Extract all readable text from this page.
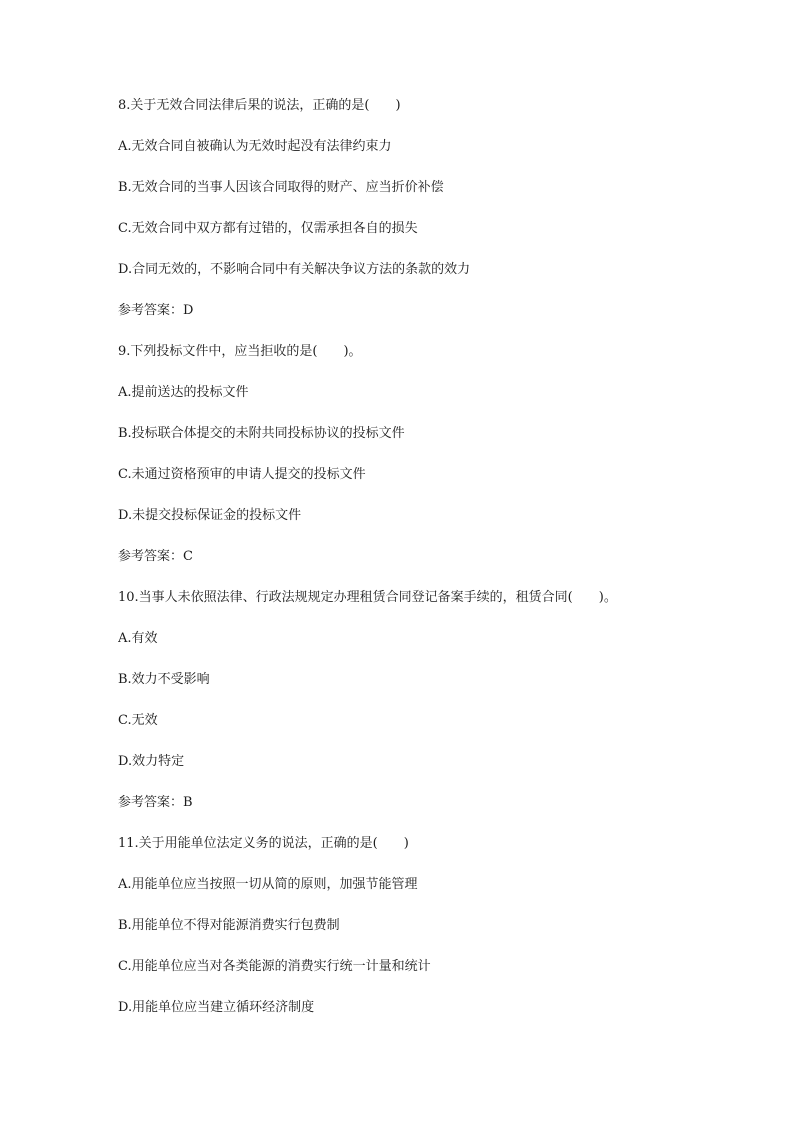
8.关于无效合同法律后果的说法，正确的是(　　)
A.无效合同自被确认为无效时起没有法律约束力
B.无效合同的当事人因该合同取得的财产、应当折价补偿
C.无效合同中双方都有过错的，仅需承担各自的损失
D.合同无效的，不影响合同中有关解决争议方法的条款的效力
参考答案：D
9.下列投标文件中，应当拒收的是(　　)。
A.提前送达的投标文件
B.投标联合体提交的未附共同投标协议的投标文件
C.未通过资格预审的申请人提交的投标文件
D.未提交投标保证金的投标文件
参考答案：C
10.当事人未依照法律、行政法规规定办理租赁合同登记备案手续的，租赁合同(　　)。
A.有效
B.效力不受影响
C.无效
D.效力特定
参考答案：B
11.关于用能单位法定义务的说法，正确的是(　　)
A.用能单位应当按照一切从简的原则，加强节能管理
B.用能单位不得对能源消费实行包费制
C.用能单位应当对各类能源的消费实行统一计量和统计
D.用能单位应当建立循环经济制度
